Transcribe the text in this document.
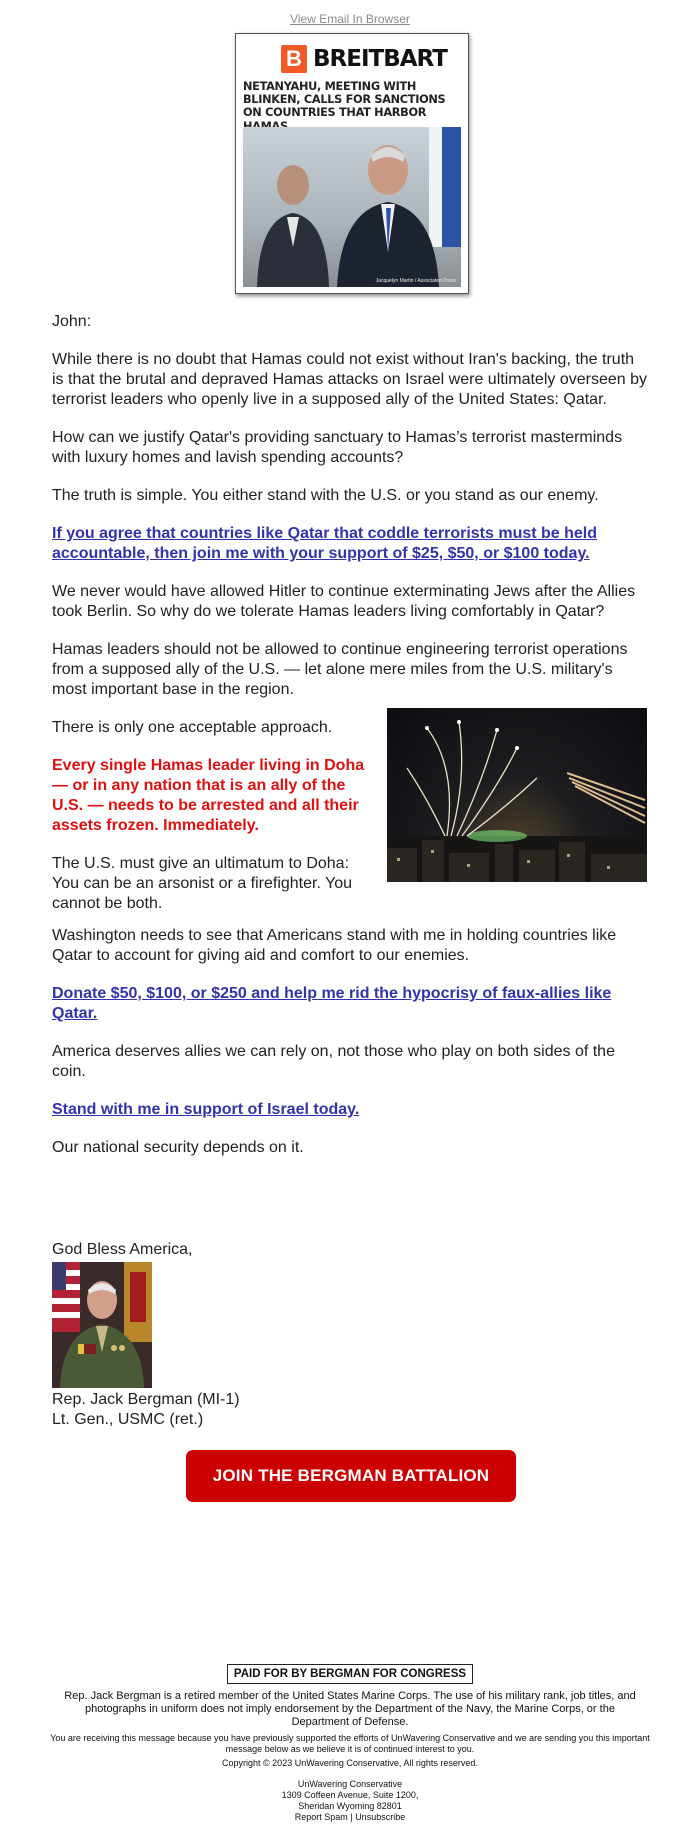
View Email In Browser
B BREITBART
NETANYAHU, MEETING WITH BLINKEN, CALLS FOR SANCTIONS ON COUNTRIES THAT HARBOR
Jacquelyn Martin / Associated Press

John:

While there is no doubt that Hamas could not exist without Iran's backing, the truth is that the brutal and depraved Hamas attacks on Israel were ultimately overseen by terrorist leaders who openly live in a supposed ally of the United States: Qatar.

How can we justify Qatar's providing sanctuary to Hamas’s terrorist masterminds with luxury homes and lavish spending accounts?

The truth is simple. You either stand with the U.S. or you stand as our enemy.

If you agree that countries like Qatar that coddle terrorists must be held accountable, then join me with your support of $25, $50, or $100 today.

We never would have allowed Hitler to continue exterminating Jews after the Allies took Berlin. So why do we tolerate Hamas leaders living comfortably in Qatar?

Hamas leaders should not be allowed to continue engineering terrorist operations from a supposed ally of the U.S. — let alone mere miles from the U.S. military's most important base in the region.

There is only one acceptable approach.

Every single Hamas leader living in Doha — or in any nation that is an ally of the U.S. — needs to be arrested and all their assets frozen. Immediately.

The U.S. must give an ultimatum to Doha: You can be an arsonist or a firefighter. You cannot be both.

Washington needs to see that Americans stand with me in holding countries like Qatar to account for giving aid and comfort to our enemies.

Donate $50, $100, or $250 and help me rid the hypocrisy of faux-allies like Qatar.

America deserves allies we can rely on, not those who play on both sides of the coin.

Stand with me in support of Israel today.

Our national security depends on it.

God Bless America,
Rep. Jack Bergman (MI-1)
Lt. Gen., USMC (ret.)
JOIN THE BERGMAN BATTALION
PAID FOR BY BERGMAN FOR CONGRESS
Rep. Jack Bergman is a retired member of the United States Marine Corps. The use of his military rank, job titles, and photographs in uniform does not imply endorsement by the Department of the Navy, the Marine Corps, or the Department of Defense.
You are receiving this message because you have previously supported the efforts of UnWavering Conservative and we are sending you this important message below as we believe it is of continued interest to you.
Copyright © 2023 UnWavering Conservative, All rights reserved.
UnWavering Conservative
1309 Coffeen Avenue, Suite 1200,
Sheridan Wyoming 82801
Report Spam | Unsubscribe
